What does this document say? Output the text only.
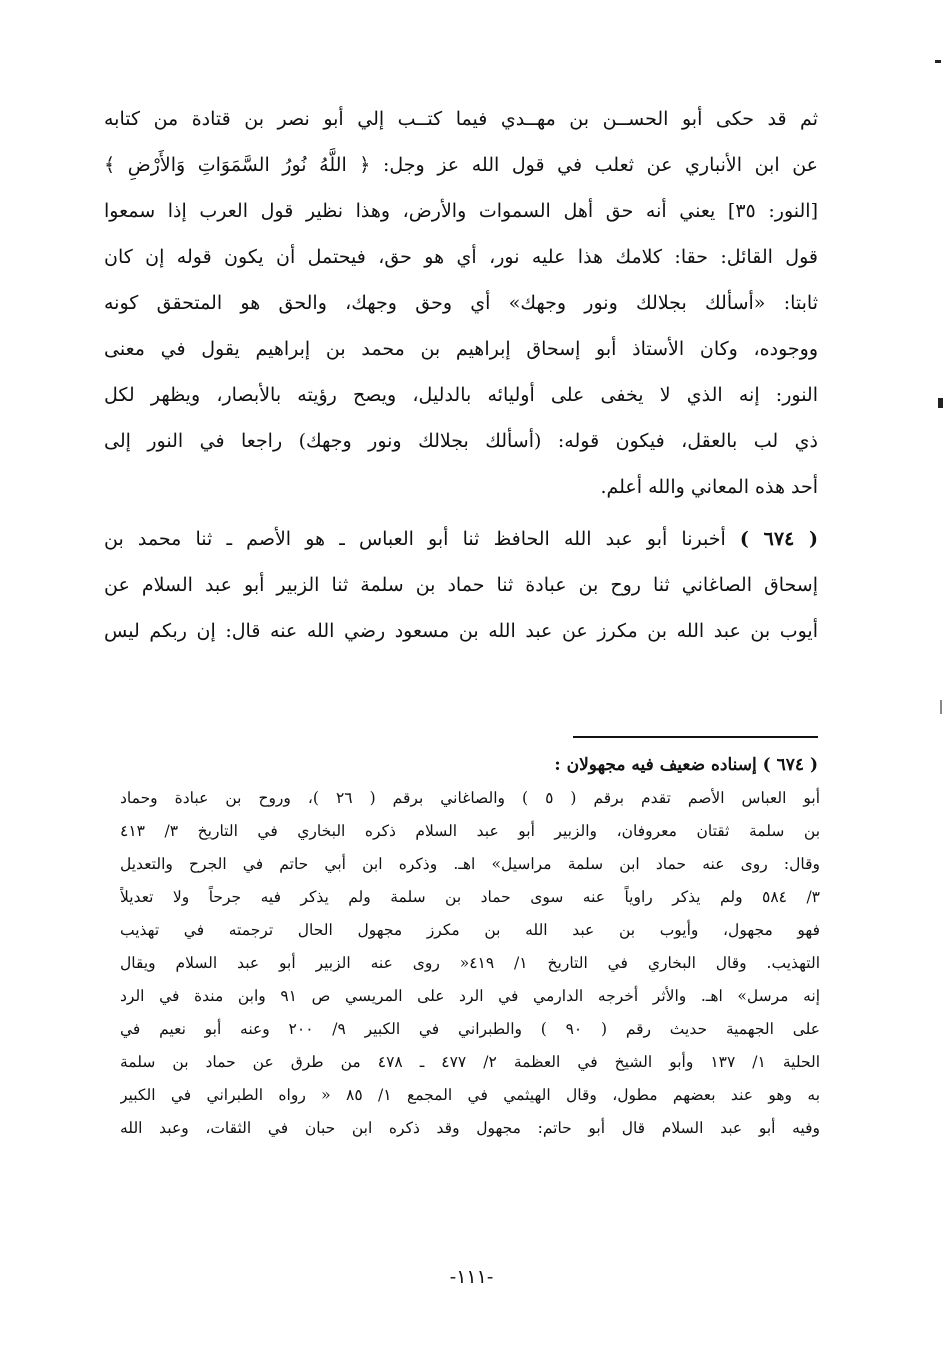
ثم قد حكى أبو الحســن بن مهــدي فيما كتــب إلي أبو نصر بن قتادة من كتابه
عن ابن الأنباري عن ثعلب في قول الله عز وجل: ﴿ اللَّهُ نُورُ السَّمَوَاتِ وَالأَرْضِ ﴾
[النور: ٣٥] يعني أنه حق أهل السموات والأرض، وهذا نظير قول العرب إذا سمعوا
قول القائل: حقا: كلامك هذا عليه نور، أي هو حق، فيحتمل أن يكون قوله إن كان
ثابتا: «أسألك بجلالك ونور وجهك» أي وحق وجهك، والحق هو المتحقق كونه
ووجوده، وكان الأستاذ أبو إسحاق إبراهيم بن محمد بن إبراهيم يقول في معنى
النور: إنه الذي لا يخفى على أوليائه بالدليل، ويصح رؤيته بالأبصار، ويظهر لكل
ذي لب بالعقل، فيكون قوله: (أسألك بجلالك ونور وجهك) راجعا في النور إلى
أحد هذه المعاني والله أعلم.
( ٦٧٤ ) أخبرنا أبو عبد الله الحافظ ثنا أبو العباس ـ هو الأصم ـ ثنا محمد بن
إسحاق الصاغاني ثنا روح بن عبادة ثنا حماد بن سلمة ثنا الزبير أبو عبد السلام عن
أيوب بن عبد الله بن مكرز عن عبد الله بن مسعود رضي الله عنه قال: إن ربكم ليس
( ٦٧٤ ) إسناده ضعيف فيه مجهولان :
أبو العباس الأصم تقدم برقم ( ٥ ) والصاغاني برقم ( ٢٦ )، وروح بن عبادة وحماد
بن سلمة ثقتان معروفان، والزبير أبو عبد السلام ذكره البخاري في التاريخ ٣/ ٤١٣
وقال: روى عنه حماد ابن سلمة مراسيل» اهـ. وذكره ابن أبي حاتم في الجرح والتعديل
٣/ ٥٨٤ ولم يذكر راوياً عنه سوى حماد بن سلمة ولم يذكر فيه جرحاً ولا تعديلاً
فهو مجهول، وأيوب بن عبد الله بن مكرز مجهول الحال ترجمته في تهذيب
التهذيب. وقال البخاري في التاريخ ١/ ٤١٩« روى عنه الزبير أبو عبد السلام ويقال
إنه مرسل» اهـ. والأثر أخرجه الدارمي في الرد على المريسي ص ٩١ وابن مندة في الرد
على الجهمية حديث رقم ( ٩٠ ) والطبراني في الكبير ٩/ ٢٠٠ وعنه أبو نعيم في
الحلية ١/ ١٣٧ وأبو الشيخ في العظمة ٢/ ٤٧٧ ـ ٤٧٨ من طرق عن حماد بن سلمة
به وهو عند بعضهم مطول، وقال الهيثمي في المجمع ١/ ٨٥ « رواه الطبراني في الكبير
وفيه أبو عبد السلام قال أبو حاتم: مجهول وقد ذكره ابن حبان في الثقات، وعبد الله
-١١١-
